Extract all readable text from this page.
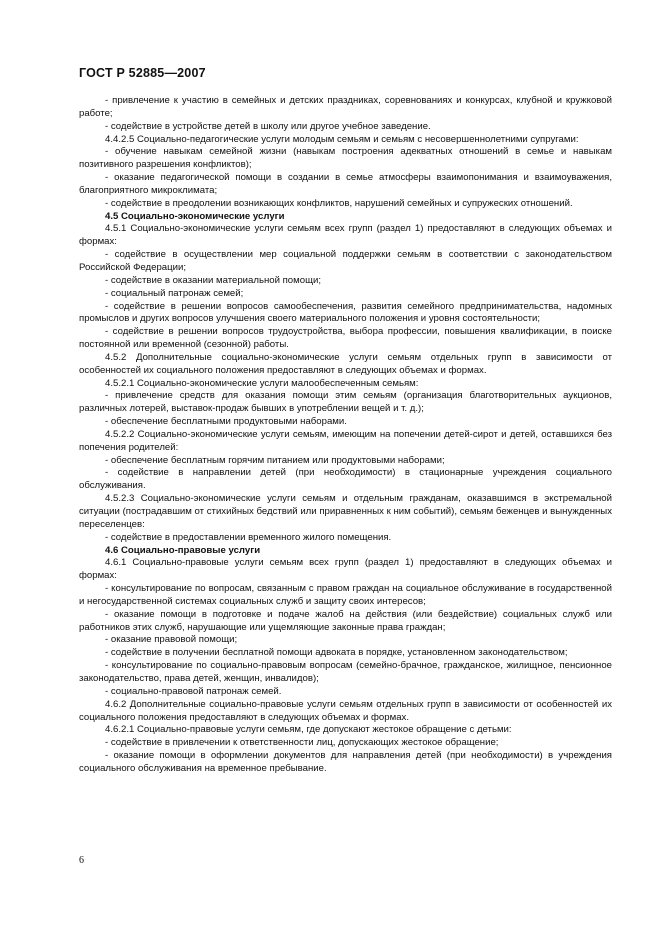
ГОСТ Р 52885—2007

- привлечение к участию в семейных и детских праздниках, соревнованиях и конкурсах, клубной и кружковой работе;

- содействие в устройстве детей в школу или другое учебное заведение.

4.4.2.5 Социально-педагогические услуги молодым семьям и семьям с несовершеннолетними супругами:

- обучение навыкам семейной жизни (навыкам построения адекватных отношений в семье и навыкам позитивного разрешения конфликтов);

- оказание педагогической помощи в создании в семье атмосферы взаимопонимания и взаимоуважения, благоприятного микроклимата;

- содействие в преодолении возникающих конфликтов, нарушений семейных и супружеских отношений.

4.5 Социально-экономические услуги

4.5.1 Социально-экономические услуги семьям всех групп (раздел 1) предоставляют в следующих объемах и формах:

- содействие в осуществлении мер социальной поддержки семьям в соответствии с законодательством Российской Федерации;

- содействие в оказании материальной помощи;

- социальный патронаж семей;

- содействие в решении вопросов самообеспечения, развития семейного предпринимательства, надомных промыслов и других вопросов улучшения своего материального положения и уровня состоятельности;

- содействие в решении вопросов трудоустройства, выбора профессии, повышения квалификации, в поиске постоянной или временной (сезонной) работы.

4.5.2 Дополнительные социально-экономические услуги семьям отдельных групп в зависимости от особенностей их социального положения предоставляют в следующих объемах и формах.

4.5.2.1 Социально-экономические услуги малообеспеченным семьям:

- привлечение средств для оказания помощи этим семьям (организация благотворительных аукционов, различных лотерей, выставок-продаж бывших в употреблении вещей и т. д.);

- обеспечение бесплатными продуктовыми наборами.

4.5.2.2 Социально-экономические услуги семьям, имеющим на попечении детей-сирот и детей, оставшихся без попечения родителей:

- обеспечение бесплатным горячим питанием или продуктовыми наборами;

- содействие в направлении детей (при необходимости) в стационарные учреждения социального обслуживания.

4.5.2.3 Социально-экономические услуги семьям и отдельным гражданам, оказавшимся в экстремальной ситуации (пострадавшим от стихийных бедствий или приравненных к ним событий), семьям беженцев и вынужденных переселенцев:

- содействие в предоставлении временного жилого помещения.

4.6 Социально-правовые услуги

4.6.1 Социально-правовые услуги семьям всех групп (раздел 1) предоставляют в следующих объемах и формах:

- консультирование по вопросам, связанным с правом граждан на социальное обслуживание в государственной и негосударственной системах социальных служб и защиту своих интересов;

- оказание помощи в подготовке и подаче жалоб на действия (или бездействие) социальных служб или работников этих служб, нарушающие или ущемляющие законные права граждан;

- оказание правовой помощи;

- содействие в получении бесплатной помощи адвоката в порядке, установленном законодательством;

- консультирование по социально-правовым вопросам (семейно-брачное, гражданское, жилищное, пенсионное законодательство, права детей, женщин, инвалидов);

- социально-правовой патронаж семей.

4.6.2 Дополнительные социально-правовые услуги семьям отдельных групп в зависимости от особенностей их социального положения предоставляют в следующих объемах и формах.

4.6.2.1 Социально-правовые услуги семьям, где допускают жестокое обращение с детьми:

- содействие в привлечении к ответственности лиц, допускающих жестокое обращение;

- оказание помощи в оформлении документов для направления детей (при необходимости) в учреждения социального обслуживания на временное пребывание.

6
